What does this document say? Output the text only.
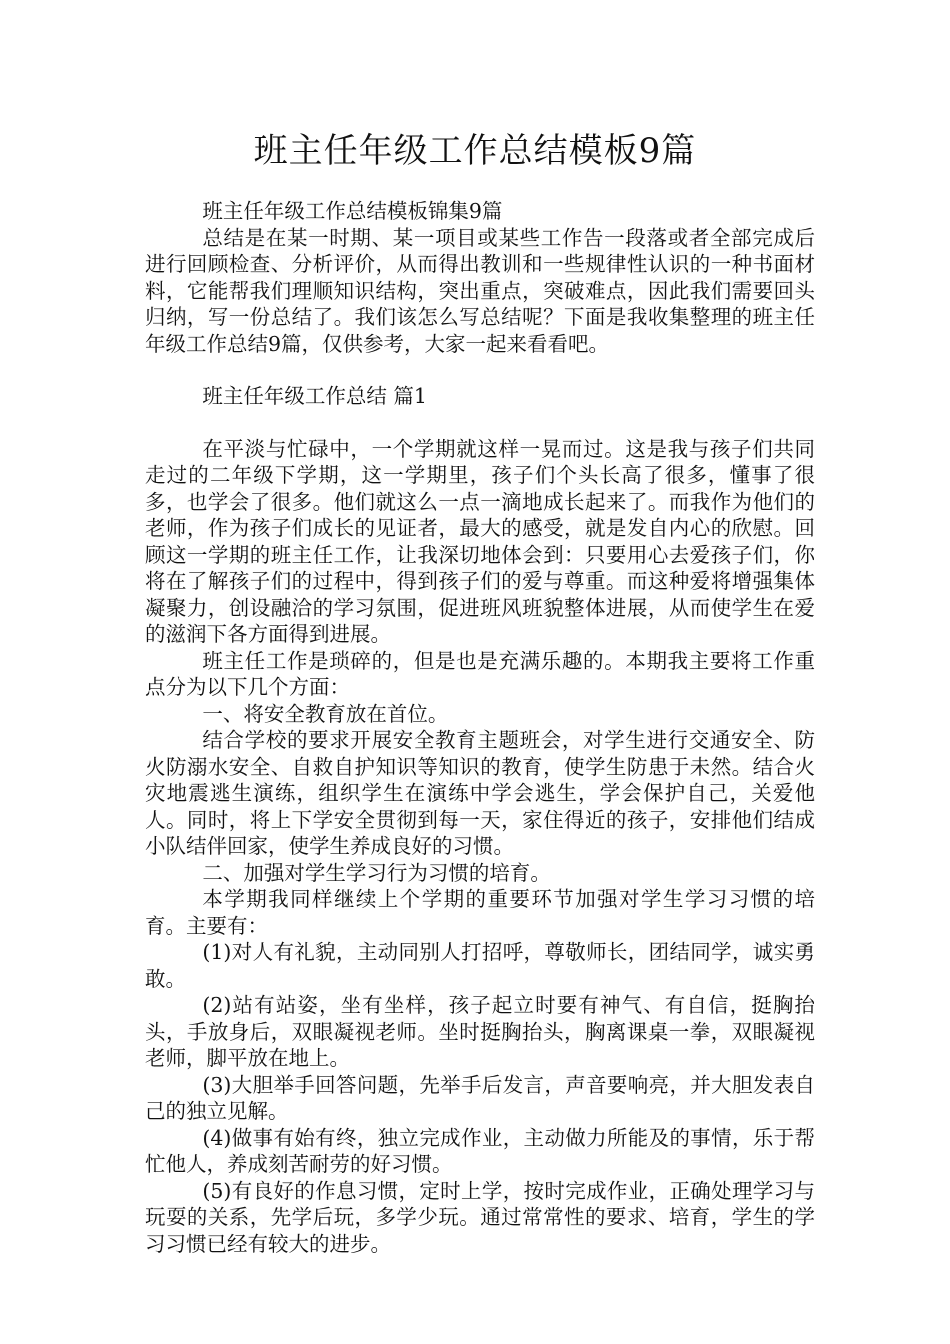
班主任年级工作总结模板9篇

班主任年级工作总结模板锦集9篇

总结是在某一时期、某一项目或某些工作告一段落或者全部完成后进行回顾检查、分析评价，从而得出教训和一些规律性认识的一种书面材料，它能帮我们理顺知识结构，突出重点，突破难点，因此我们需要回头归纳，写一份总结了。我们该怎么写总结呢？下面是我收集整理的班主任年级工作总结9篇，仅供参考，大家一起来看看吧。

班主任年级工作总结 篇1

在平淡与忙碌中，一个学期就这样一晃而过。这是我与孩子们共同走过的二年级下学期，这一学期里，孩子们个头长高了很多，懂事了很多，也学会了很多。他们就这么一点一滴地成长起来了。而我作为他们的老师，作为孩子们成长的见证者，最大的感受，就是发自内心的欣慰。回顾这一学期的班主任工作，让我深切地体会到：只要用心去爱孩子们，你将在了解孩子们的过程中，得到孩子们的爱与尊重。而这种爱将增强集体凝聚力，创设融洽的学习氛围，促进班风班貌整体进展，从而使学生在爱的滋润下各方面得到进展。

班主任工作是琐碎的，但是也是充满乐趣的。本期我主要将工作重点分为以下几个方面：

一、将安全教育放在首位。

结合学校的要求开展安全教育主题班会，对学生进行交通安全、防火防溺水安全、自救自护知识等知识的教育，使学生防患于未然。结合火灾地震逃生演练，组织学生在演练中学会逃生，学会保护自己，关爱他人。同时，将上下学安全贯彻到每一天，家住得近的孩子，安排他们结成小队结伴回家，使学生养成良好的习惯。

二、加强对学生学习行为习惯的培育。

本学期我同样继续上个学期的重要环节加强对学生学习习惯的培育。主要有：

(1)对人有礼貌，主动同别人打招呼，尊敬师长，团结同学，诚实勇敢。

(2)站有站姿，坐有坐样，孩子起立时要有神气、有自信，挺胸抬头，手放身后，双眼凝视老师。坐时挺胸抬头，胸离课桌一拳，双眼凝视老师，脚平放在地上。

(3)大胆举手回答问题，先举手后发言，声音要响亮，并大胆发表自己的独立见解。

(4)做事有始有终，独立完成作业，主动做力所能及的事情，乐于帮忙他人，养成刻苦耐劳的好习惯。

(5)有良好的作息习惯，定时上学，按时完成作业，正确处理学习与玩耍的关系，先学后玩，多学少玩。通过常常性的要求、培育，学生的学习习惯已经有较大的进步。
